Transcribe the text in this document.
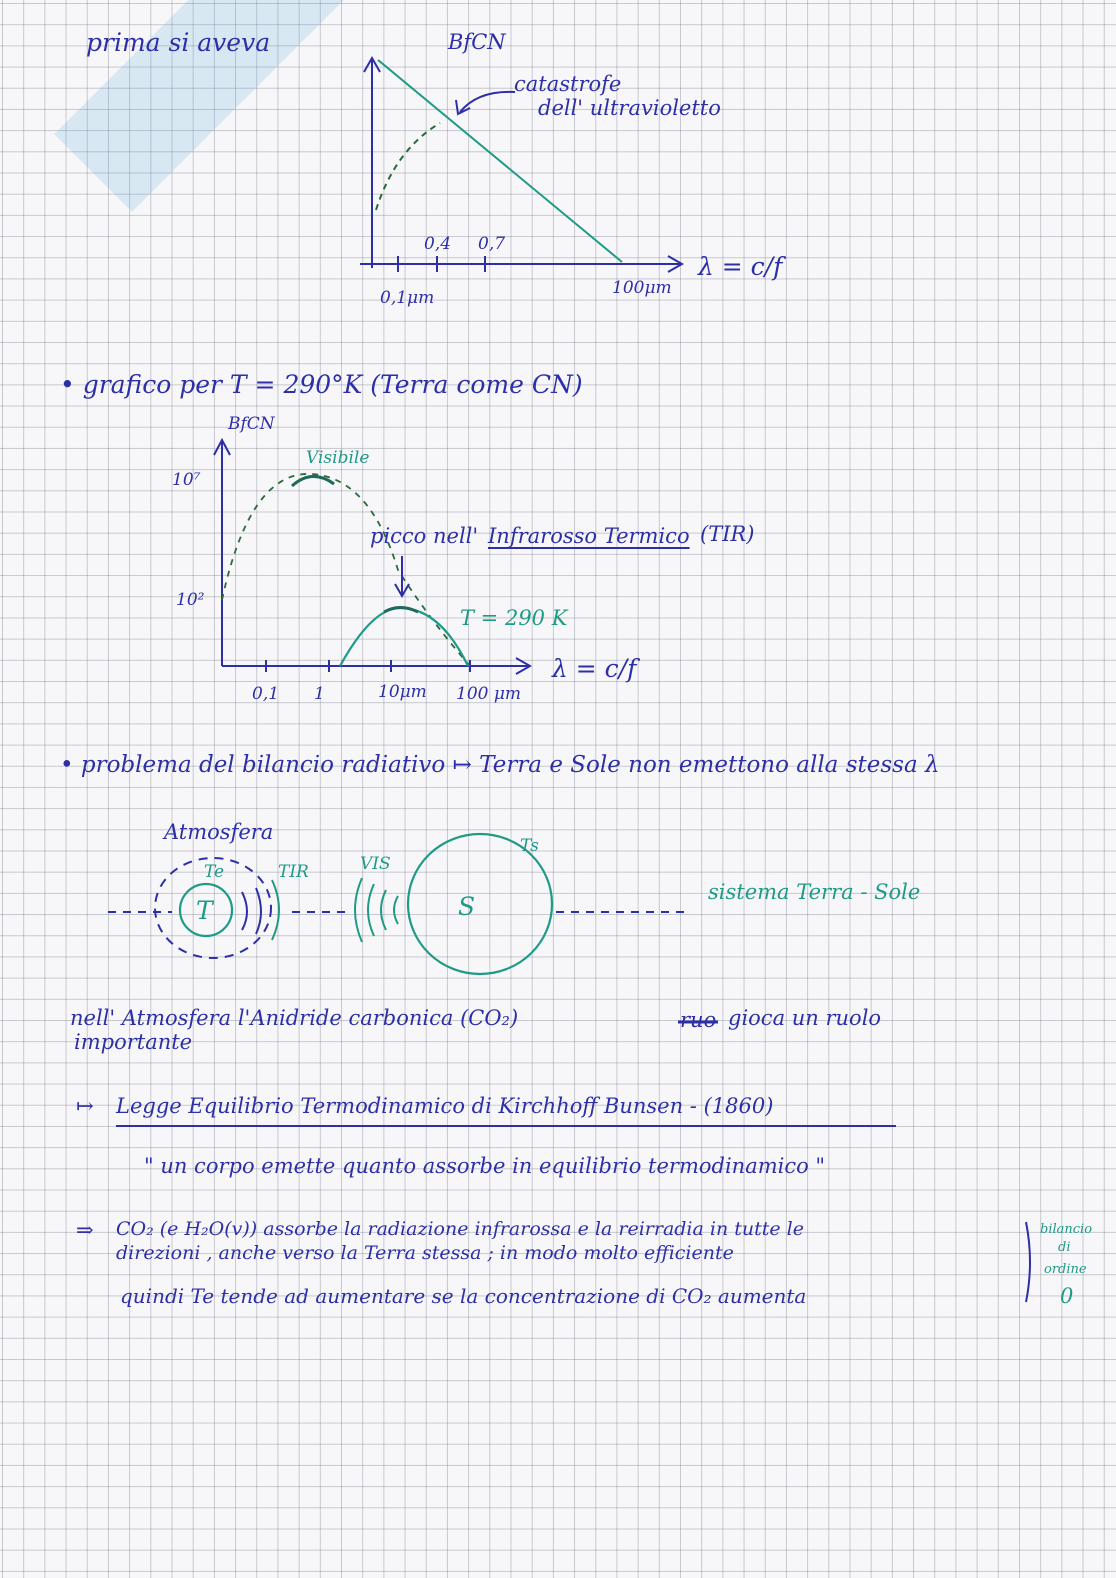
prima si aveva	BfCN
catastrofe
dell' ultravioletto
0,4 0,7
0,1μm	100μm
λ = c/f
• grafico per T = 290°K (Terra come CN)
BfCN
Visibile
10⁷
10²
picco nell' Infrarosso Termico (TIR)
T = 290 K
0,1 1	10μm 100 μm
λ = c/f
• problema del bilancio radiativo ↦ Terra e Sole non emettono alla stessa λ
Atmosfera
Te	TIR	VIS
Ts
T	S	sistema Terra - Sole
nell' Atmosfera l'Anidride carbonica (CO₂)	ruo gioca un ruolo
importante
↦ Legge Equilibrio Termodinamico di Kirchhoff Bunsen - (1860)
" un corpo emette quanto assorbe in equilibrio termodinamico "
⇒ CO₂ (e H₂O(v)) assorbe la radiazione infrarossa e la reirradia in tutte le
direzioni , anche verso la Terra stessa ; in modo molto efficiente
quindi Te tende ad aumentare se la concentrazione di CO₂ aumenta
bilancio
di
ordine
0
